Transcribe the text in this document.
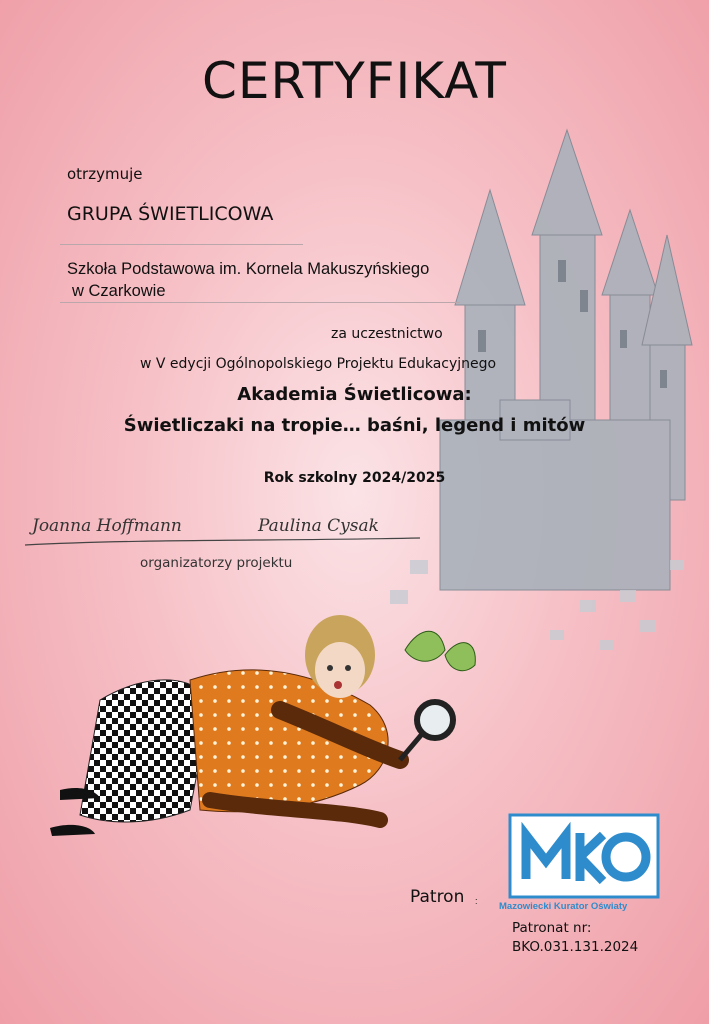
CERTYFIKAT
otrzymuje
GRUPA ŚWIETLICOWA
Szkoła Podstawowa im. Kornela Makuszyńskiego
w Czarkowie
za uczestnictwo
w V edycji Ogólnopolskiego Projektu Edukacyjnego
Akademia Świetlicowa:
Świetliczaki na tropie… baśni, legend i mitów
Rok szkolny 2024/2025
Joanna Hoffmann	Paulina Cysak
organizatorzy projektu
Patron : Mazowiecki Kurator Oświaty
Patronat nr:
BKO.031.131.2024
